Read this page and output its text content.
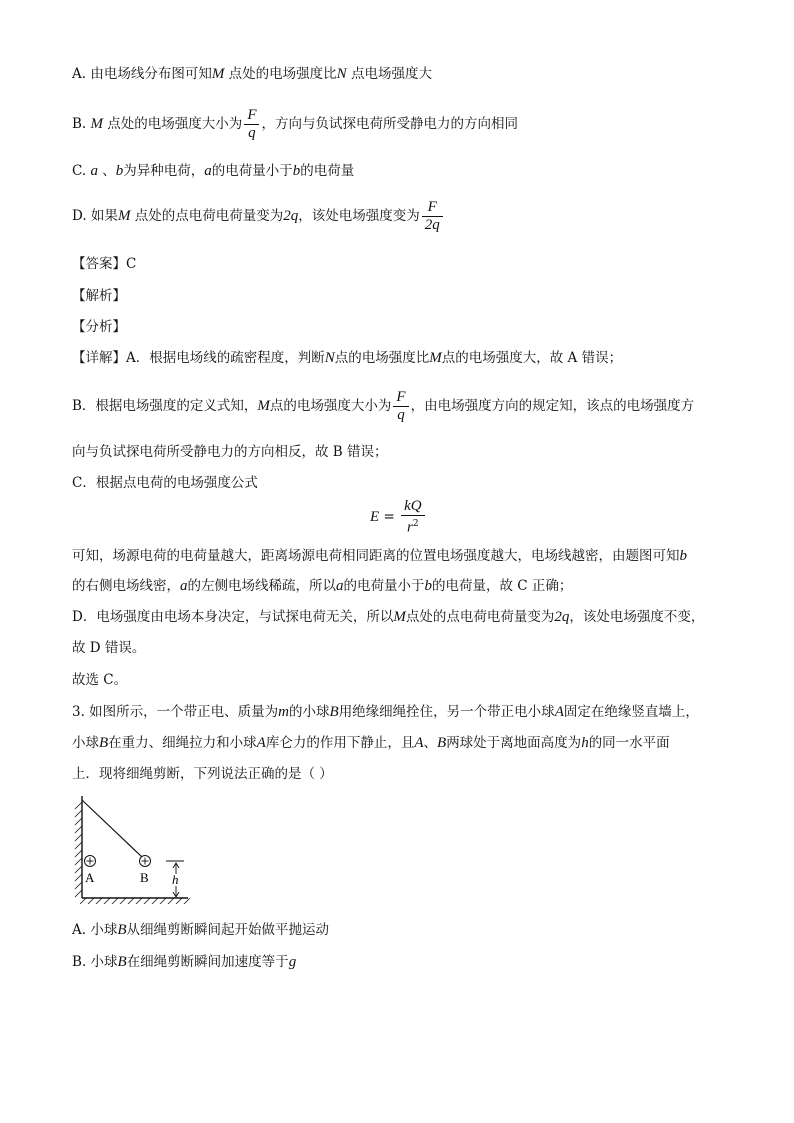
A. 由电场线分布图可知M 点处的电场强度比N 点电场强度大
B. M 点处的电场强度大小为 $\frac{F}{q}$ ，方向与负试探电荷所受静电力的方向相同
C. a 、b为异种电荷，a的电荷量小于b的电荷量
D. 如果M 点处的点电荷电荷量变为2q，该处电场强度变为 $\frac{F}{2q}$
【答案】C
【解析】
【分析】
【详解】A．根据电场线的疏密程度，判断N点的电场强度比M点的电场强度大，故 A 错误；
B．根据电场强度的定义式知，M点的电场强度大小为 $\frac{F}{q}$ ，由电场强度方向的规定知，该点的电场强度方
向与负试探电荷所受静电力的方向相反，故 B 错误；
C．根据点电荷的电场强度公式
$E = \frac{kQ}{r^2}$
可知，场源电荷的电荷量越大，距离场源电荷相同距离的位置电场强度越大，电场线越密，由题图可知b
的右侧电场线密，a的左侧电场线稀疏，所以a的电荷量小于b的电荷量，故 C 正确；
D．电场强度由电场本身决定，与试探电荷无关，所以M点处的点电荷电荷量变为2q，该处电场强度不变，
故 D 错误。
故选 C。
3. 如图所示，一个带正电、质量为m的小球B用绝缘细绳拴住，另一个带正电小球A固定在绝缘竖直墙上，
小球B在重力、细绳拉力和小球A库仑力的作用下静止，且A、B两球处于离地面高度为h的同一水平面
上．现将细绳剪断，下列说法正确的是（ ）
A	B h
A. 小球B从细绳剪断瞬间起开始做平抛运动
B. 小球B在细绳剪断瞬间加速度等于g
